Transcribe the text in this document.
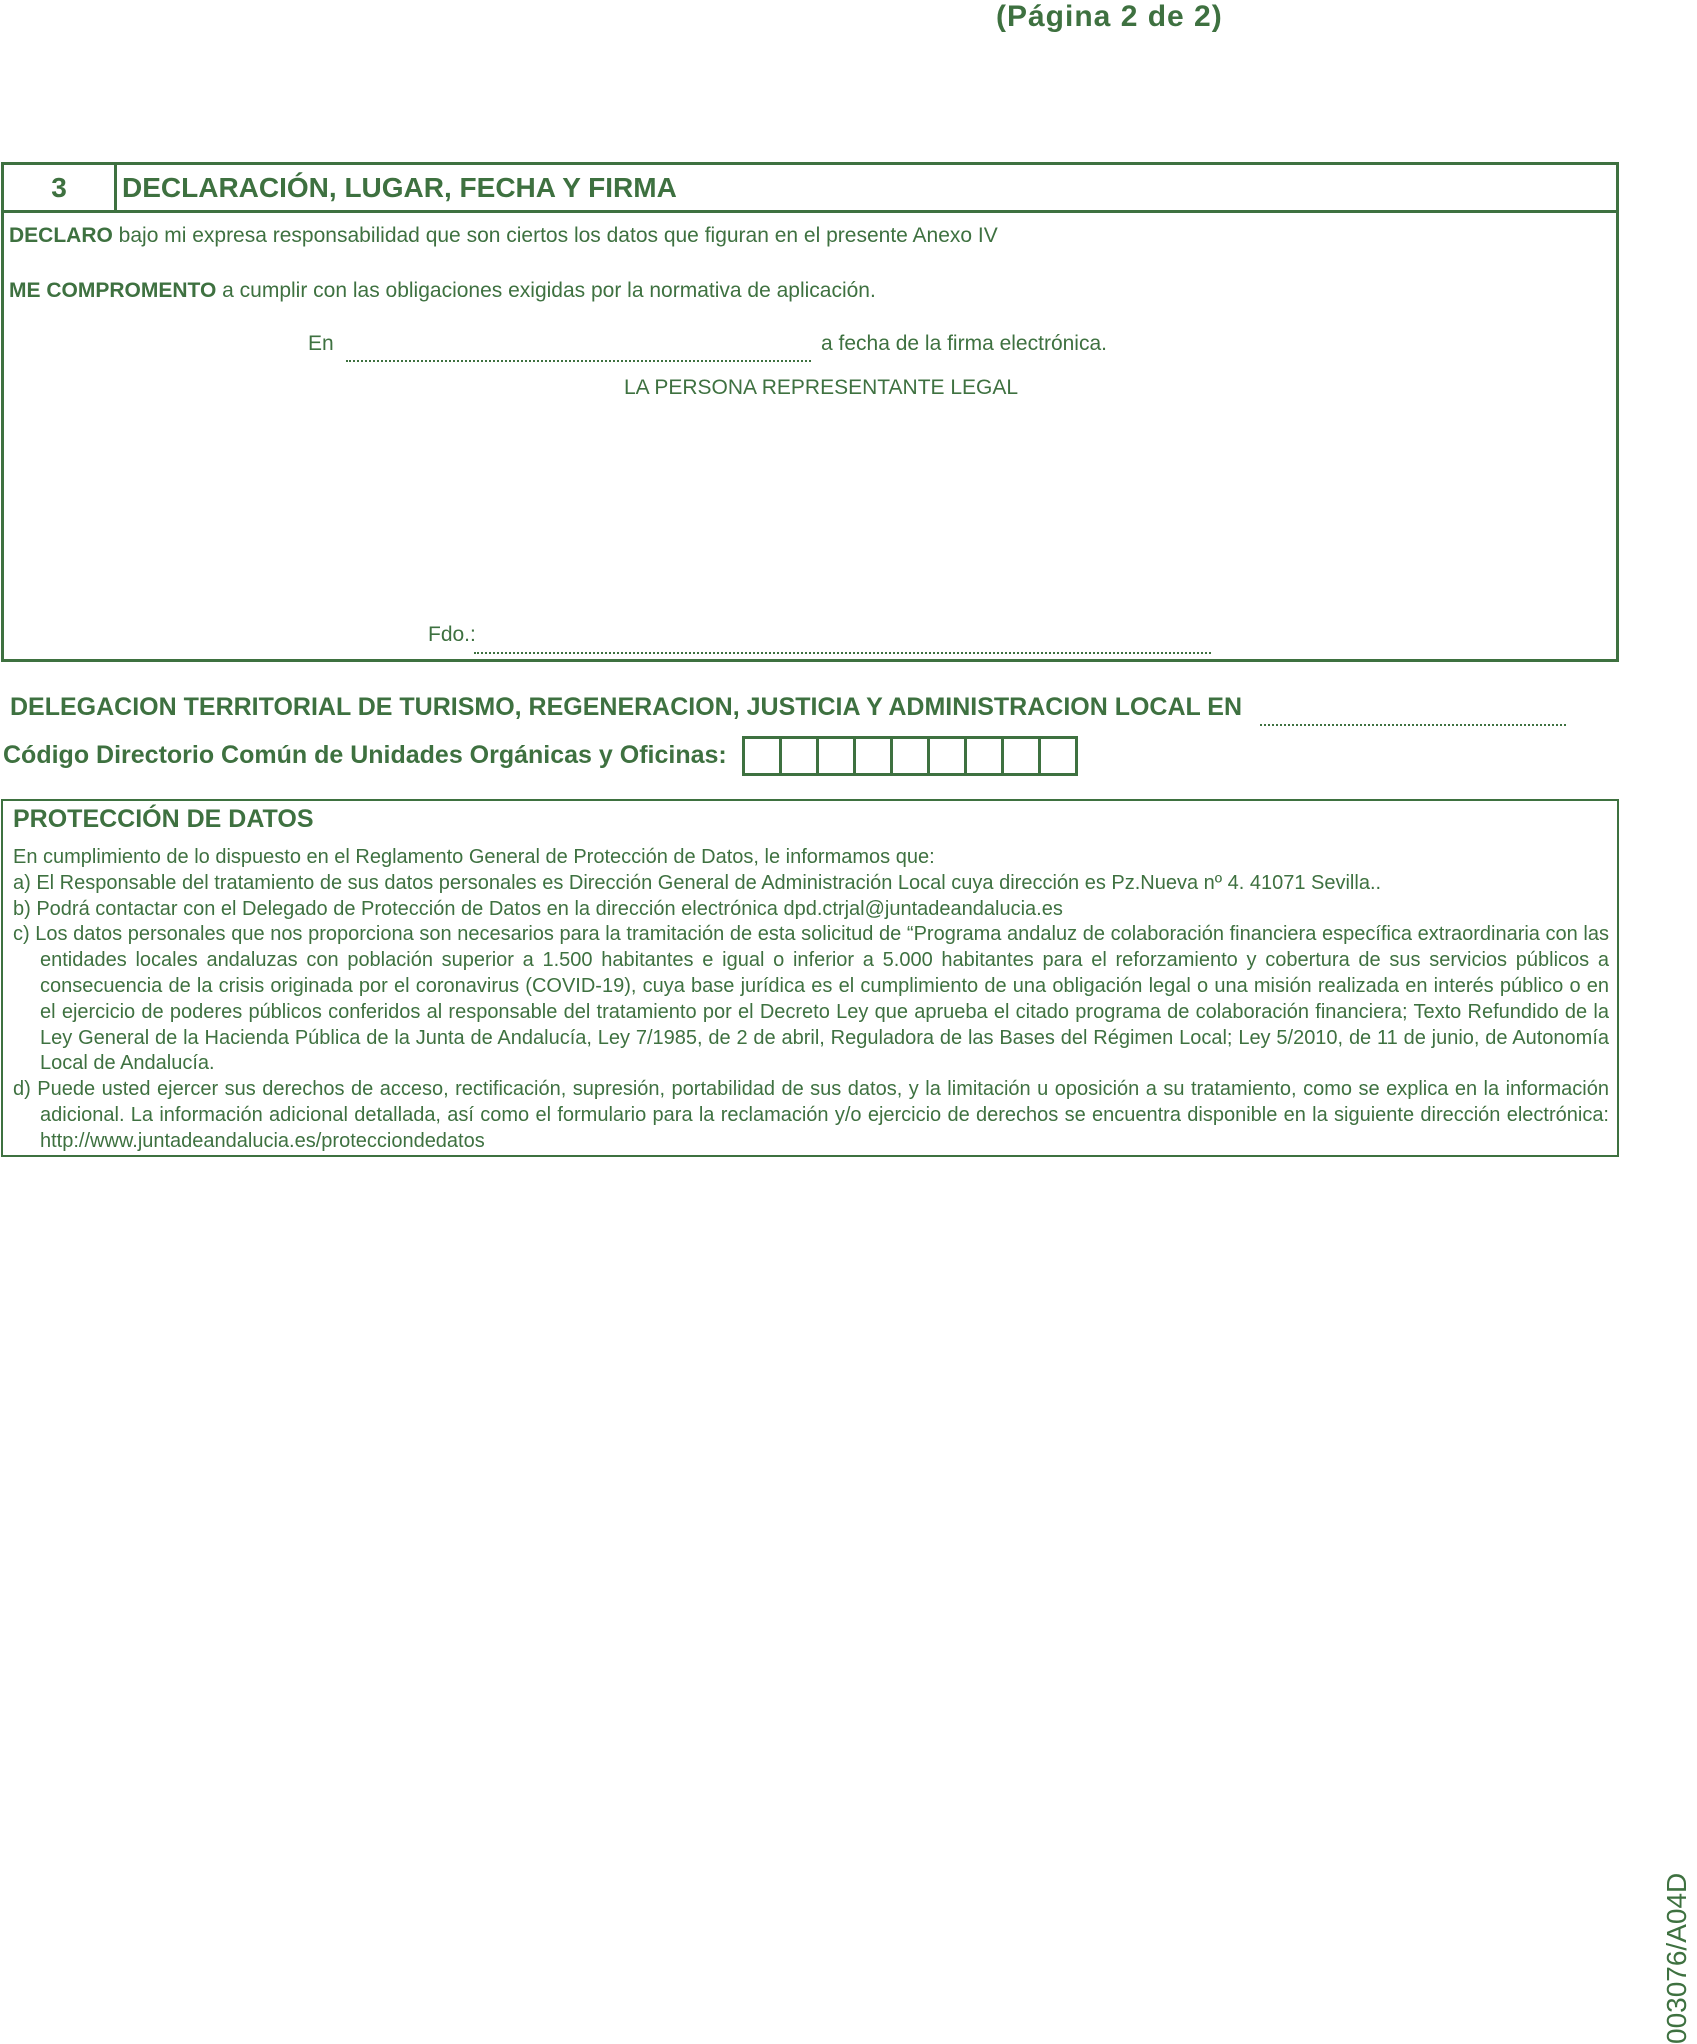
(Página 2 de 2)
3	DECLARACIÓN, LUGAR, FECHA Y FIRMA
DECLARO bajo mi expresa responsabilidad que son ciertos los datos que figuran en el presente Anexo IV
ME COMPROMENTO a cumplir con las obligaciones exigidas por la normativa de aplicación.
En	a fecha de la firma electrónica.
LA PERSONA REPRESENTANTE LEGAL
Fdo.:
DELEGACION TERRITORIAL DE TURISMO, REGENERACION, JUSTICIA Y ADMINISTRACION LOCAL EN
Código Directorio Común de Unidades Orgánicas y Oficinas:
PROTECCIÓN DE DATOS
En cumplimiento de lo dispuesto en el Reglamento General de Protección de Datos, le informamos que:
a) El Responsable del tratamiento de sus datos personales es Dirección General de Administración Local cuya dirección es Pz.Nueva nº 4. 41071 Sevilla..
b) Podrá contactar con el Delegado de Protección de Datos en la dirección electrónica dpd.ctrjal@juntadeandalucia.es
c) Los datos personales que nos proporciona son necesarios para la tramitación de esta solicitud de “Programa andaluz de colaboración financiera específica extraordinaria con las entidades locales andaluzas con población superior a 1.500 habitantes e igual o inferior a 5.000 habitantes para el reforzamiento y cobertura de sus servicios públicos a consecuencia de la crisis originada por el coronavirus (COVID-19), cuya base jurídica es el cumplimiento de una obligación legal o una misión realizada en interés público o en el ejercicio de poderes públicos conferidos al responsable del tratamiento por el Decreto Ley que aprueba el citado programa de colaboración financiera; Texto Refundido de la Ley General de la Hacienda Pública de la Junta de Andalucía, Ley 7/1985, de 2 de abril, Reguladora de las Bases del Régimen Local; Ley 5/2010, de 11 de junio, de Autonomía Local de Andalucía.
d) Puede usted ejercer sus derechos de acceso, rectificación, supresión, portabilidad de sus datos, y la limitación u oposición a su tratamiento, como se explica en la información adicional. La información adicional detallada, así como el formulario para la reclamación y/o ejercicio de derechos se encuentra disponible en la siguiente dirección electrónica: http://www.juntadeandalucia.es/protecciondedatos
003076/A04D
